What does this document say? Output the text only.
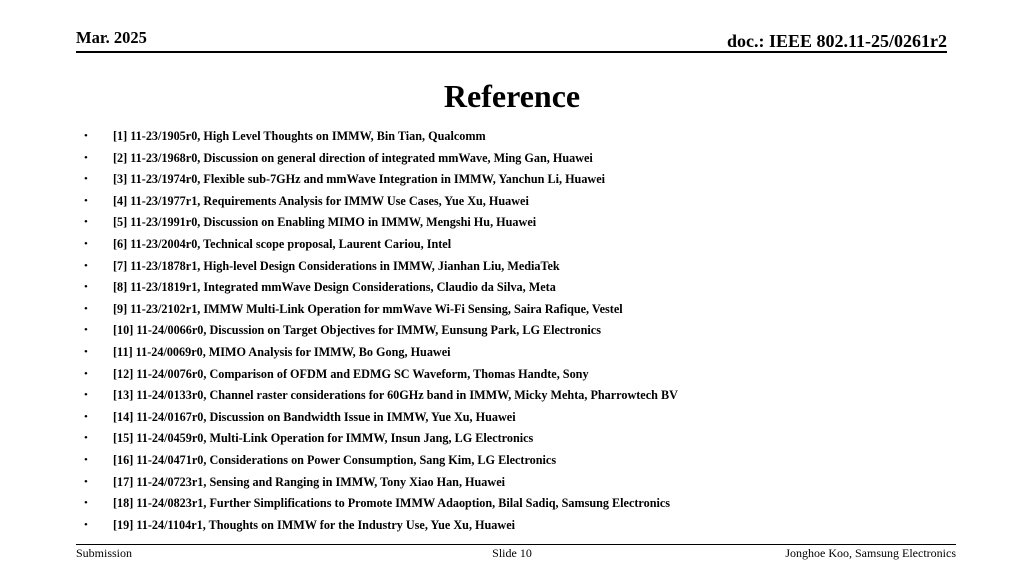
Mar. 2025	doc.: IEEE 802.11-25/0261r2
Reference
• [1] 11-23/1905r0, High Level Thoughts on IMMW, Bin Tian, Qualcomm
• [2] 11-23/1968r0, Discussion on general direction of integrated mmWave, Ming Gan, Huawei
• [3] 11-23/1974r0, Flexible sub-7GHz and mmWave Integration in IMMW, Yanchun Li, Huawei
• [4] 11-23/1977r1, Requirements Analysis for IMMW Use Cases, Yue Xu, Huawei
• [5] 11-23/1991r0, Discussion on Enabling MIMO in IMMW, Mengshi Hu, Huawei
• [6] 11-23/2004r0, Technical scope proposal, Laurent Cariou, Intel
• [7] 11-23/1878r1, High-level Design Considerations in IMMW, Jianhan Liu, MediaTek
• [8] 11-23/1819r1, Integrated mmWave Design Considerations, Claudio da Silva, Meta
• [9] 11-23/2102r1, IMMW Multi-Link Operation for mmWave Wi-Fi Sensing, Saira Rafique, Vestel
• [10] 11-24/0066r0, Discussion on Target Objectives for IMMW, Eunsung Park, LG Electronics
• [11] 11-24/0069r0, MIMO Analysis for IMMW, Bo Gong, Huawei
• [12] 11-24/0076r0, Comparison of OFDM and EDMG SC Waveform, Thomas Handte, Sony
• [13] 11-24/0133r0, Channel raster considerations for 60GHz band in IMMW, Micky Mehta, Pharrowtech BV
• [14] 11-24/0167r0, Discussion on Bandwidth Issue in IMMW, Yue Xu, Huawei
• [15] 11-24/0459r0, Multi-Link Operation for IMMW, Insun Jang, LG Electronics
• [16] 11-24/0471r0, Considerations on Power Consumption, Sang Kim, LG Electronics
• [17] 11-24/0723r1, Sensing and Ranging in IMMW, Tony Xiao Han, Huawei
• [18] 11-24/0823r1, Further Simplifications to Promote IMMW Adaoption, Bilal Sadiq, Samsung Electronics
• [19] 11-24/1104r1, Thoughts on IMMW for the Industry Use, Yue Xu, Huawei
Submission	Slide 10	Jonghoe Koo, Samsung Electronics
